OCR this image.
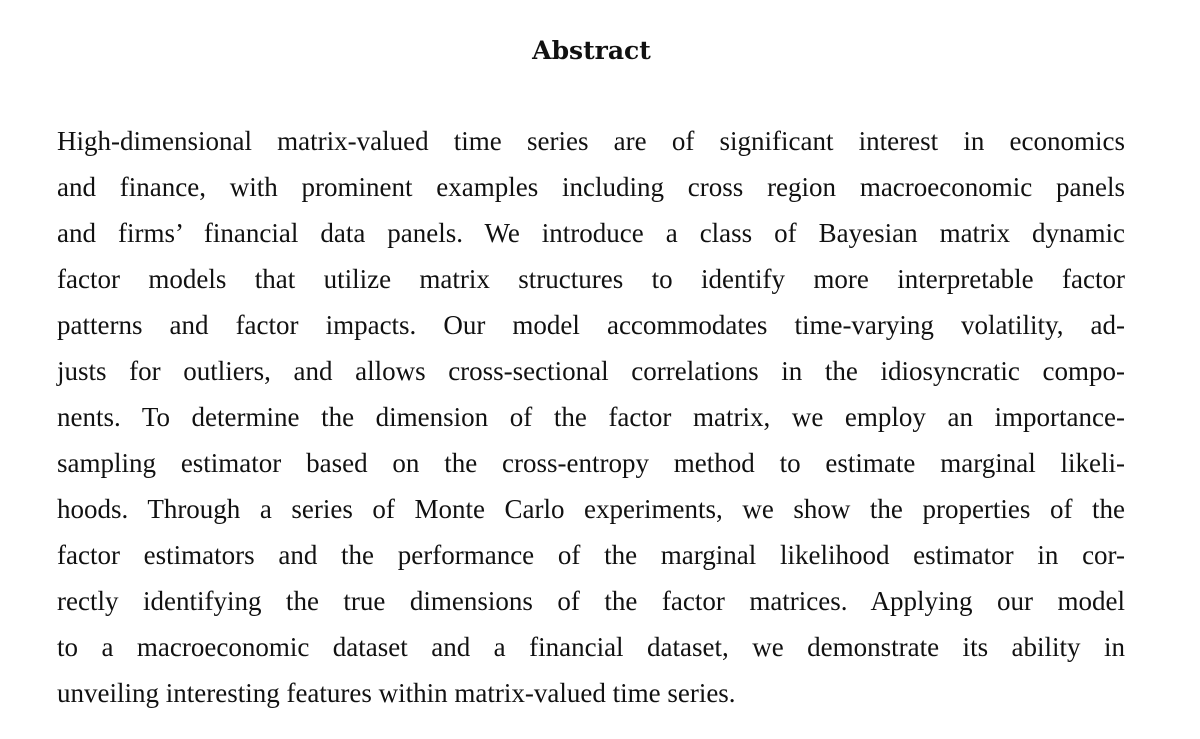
Abstract
High-dimensional matrix-valued time series are of significant interest in economics
and finance, with prominent examples including cross region macroeconomic panels
and firms’ financial data panels. We introduce a class of Bayesian matrix dynamic
factor models that utilize matrix structures to identify more interpretable factor
patterns and factor impacts. Our model accommodates time-varying volatility, ad-
justs for outliers, and allows cross-sectional correlations in the idiosyncratic compo-
nents. To determine the dimension of the factor matrix, we employ an importance-
sampling estimator based on the cross-entropy method to estimate marginal likeli-
hoods. Through a series of Monte Carlo experiments, we show the properties of the
factor estimators and the performance of the marginal likelihood estimator in cor-
rectly identifying the true dimensions of the factor matrices. Applying our model
to a macroeconomic dataset and a financial dataset, we demonstrate its ability in
unveiling interesting features within matrix-valued time series.
